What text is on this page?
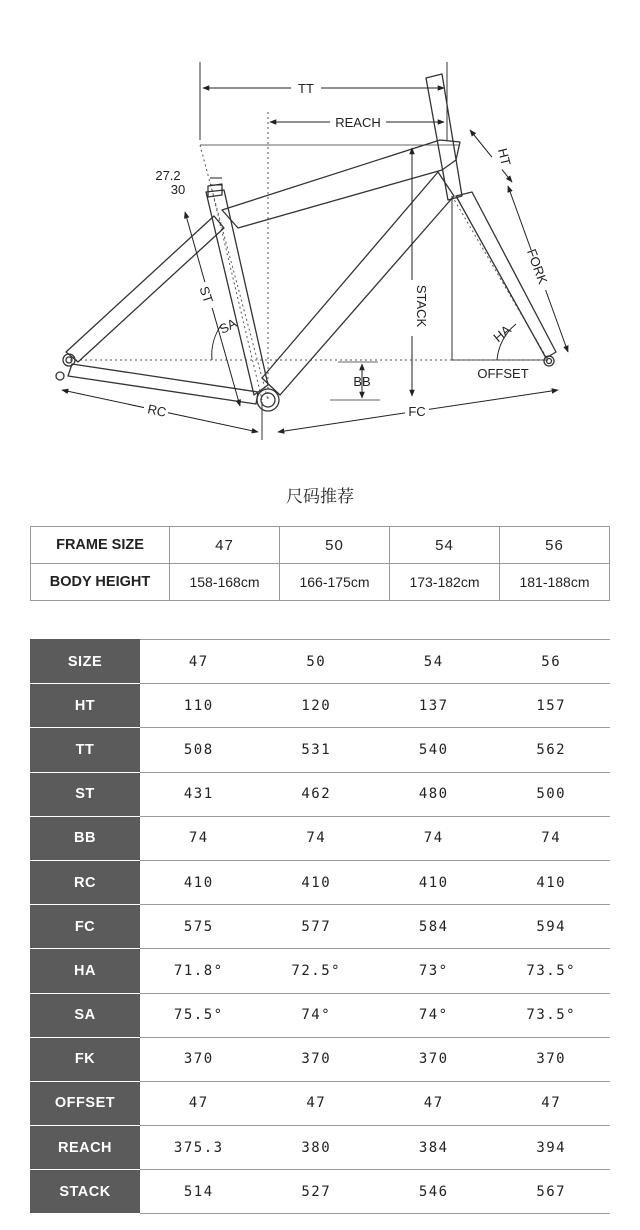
TT
REACH
STACK
HT
FORK
HA
OFFSET
ST
SA
BB
RC	FC
27.2
30
尺码推荐
FRAME SIZE	47	50	54	56
BODY HEIGHT	158-168cm	166-175cm	173-182cm	181-188cm
SIZE	47	50	54	56
HT	110	120	137	157
TT	508	531	540	562
ST	431	462	480	500
BB	74	74	74	74
RC	410	410	410	410
FC	575	577	584	594
HA	71.8°	72.5°	73°	73.5°
SA	75.5°	74°	74°	73.5°
FK	370	370	370	370
OFFSET	47	47	47	47
REACH	375.3	380	384	394
STACK	514	527	546	567
